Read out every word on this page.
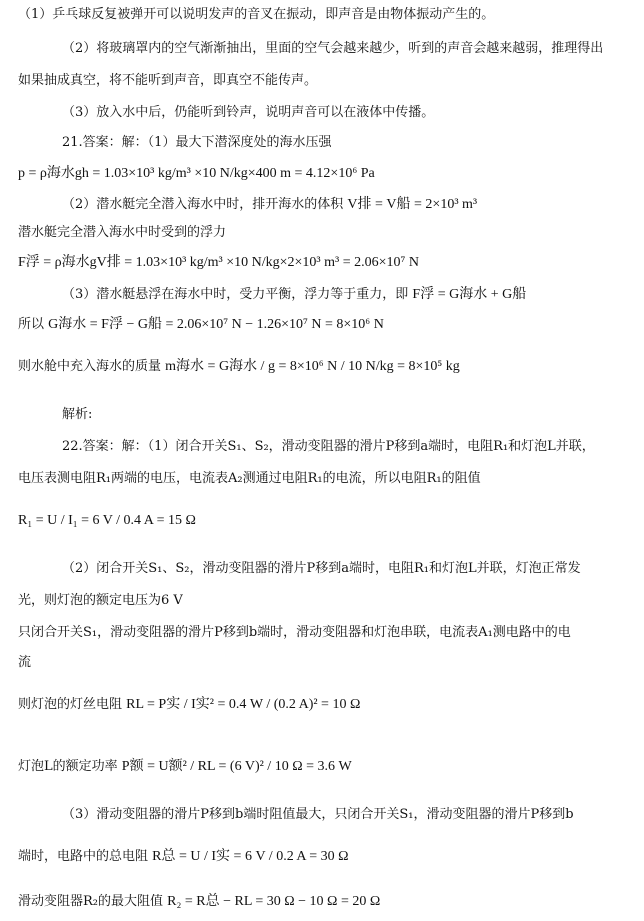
（1）乒乓球反复被弹开可以说明发声的音叉在振动，即声音是由物体振动产生的。
（2）将玻璃罩内的空气渐渐抽出，里面的空气会越来越少，听到的声音会越来越弱，推理得出
如果抽成真空，将不能听到声音，即真空不能传声。
（3）放入水中后，仍能听到铃声，说明声音可以在液体中传播。
21.答案：解：（1）最大下潜深度处的海水压强
p = ρ海水gh = 1.03×10³ kg/m³ ×10 N/kg×400 m = 4.12×10⁶ Pa
（2）潜水艇完全潜入海水中时，排开海水的体积 V排 = V船 = 2×10³ m³
潜水艇完全潜入海水中时受到的浮力
F浮 = ρ海水gV排 = 1.03×10³ kg/m³ ×10 N/kg×2×10³ m³ = 2.06×10⁷ N
（3）潜水艇悬浮在海水中时，受力平衡，浮力等于重力，即 F浮 = G海水 + G船
所以 G海水 = F浮 − G船 = 2.06×10⁷ N − 1.26×10⁷ N = 8×10⁶ N
则水舱中充入海水的质量 m海水 = G海水 / g = 8×10⁶ N / 10 N/kg = 8×10⁵ kg
解析:
22.答案：解：（1）闭合开关S₁、S₂，滑动变阻器的滑片P移到a端时，电阻R₁和灯泡L并联，
电压表测电阻R₁两端的电压，电流表A₂测通过电阻R₁的电流，所以电阻R₁的阻值
R₁ = U / I₁ = 6 V / 0.4 A = 15 Ω
（2）闭合开关S₁、S₂，滑动变阻器的滑片P移到a端时，电阻R₁和灯泡L并联，灯泡正常发
光，则灯泡的额定电压为6 V
只闭合开关S₁，滑动变阻器的滑片P移到b端时，滑动变阻器和灯泡串联，电流表A₁测电路中的电
流
则灯泡的灯丝电阻 RL = P实 / I实² = 0.4 W / (0.2 A)² = 10 Ω
灯泡L的额定功率 P额 = U额² / RL = (6 V)² / 10 Ω = 3.6 W
（3）滑动变阻器的滑片P移到b端时阻值最大，只闭合开关S₁，滑动变阻器的滑片P移到b
端时，电路中的总电阻 R总 = U / I实 = 6 V / 0.2 A = 30 Ω
滑动变阻器R₂的最大阻值 R₂ = R总 − RL = 30 Ω − 10 Ω = 20 Ω
